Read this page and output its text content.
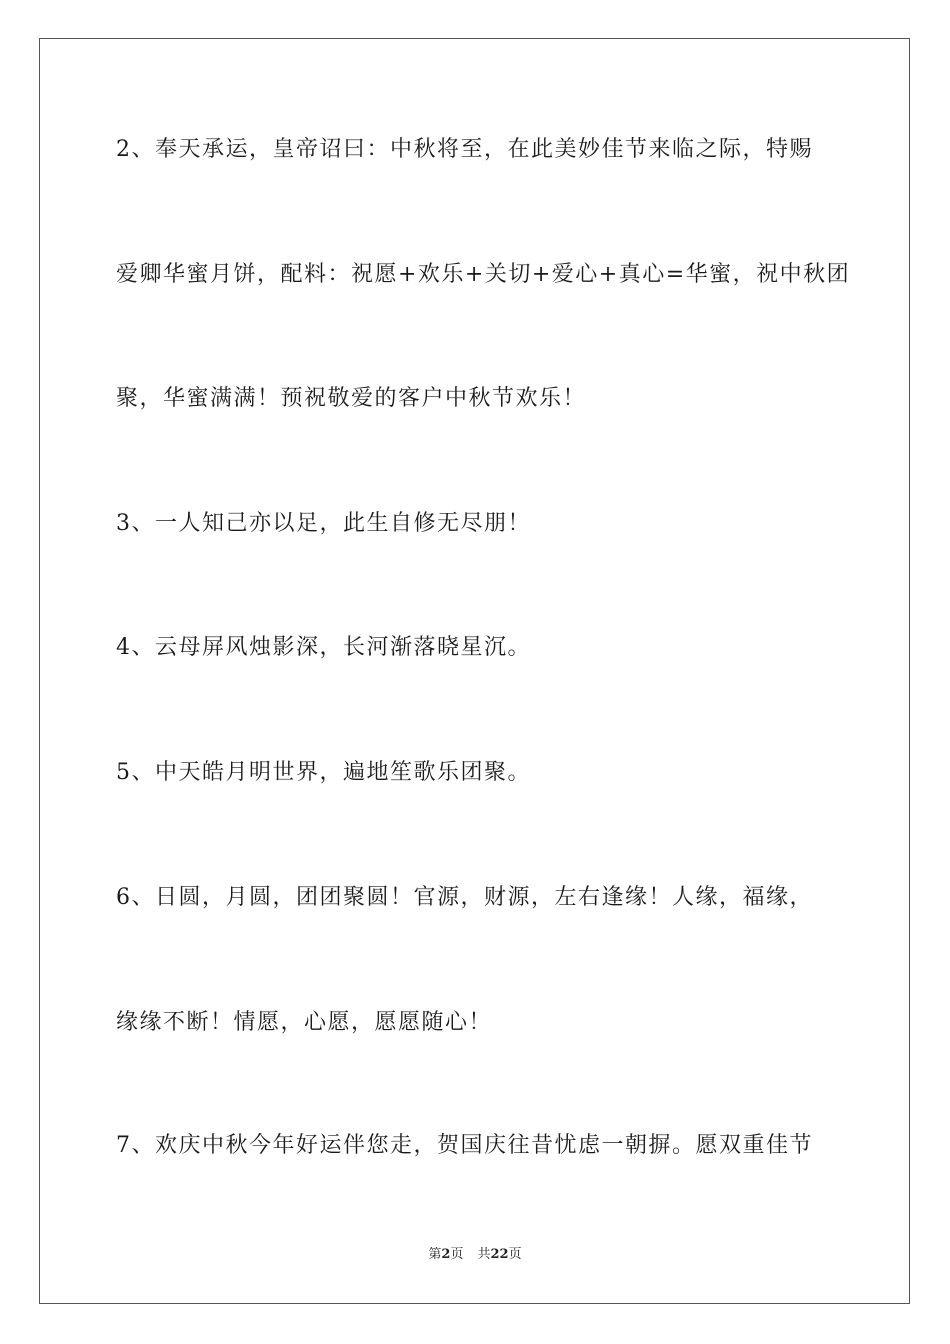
2、奉天承运，皇帝诏曰：中秋将至，在此美妙佳节来临之际，特赐
爱卿华蜜月饼，配料：祝愿+欢乐+关切+爱心+真心=华蜜，祝中秋团
聚，华蜜满满！预祝敬爱的客户中秋节欢乐！
3、一人知己亦以足，此生自修无尽朋！
4、云母屏风烛影深，长河渐落晓星沉。
5、中天皓月明世界，遍地笙歌乐团聚。
6、日圆，月圆，团团聚圆！官源，财源，左右逢缘！人缘，福缘，
缘缘不断！情愿，心愿，愿愿随心！
7、欢庆中秋今年好运伴您走，贺国庆往昔忧虑一朝摒。愿双重佳节
第2页 共22页
